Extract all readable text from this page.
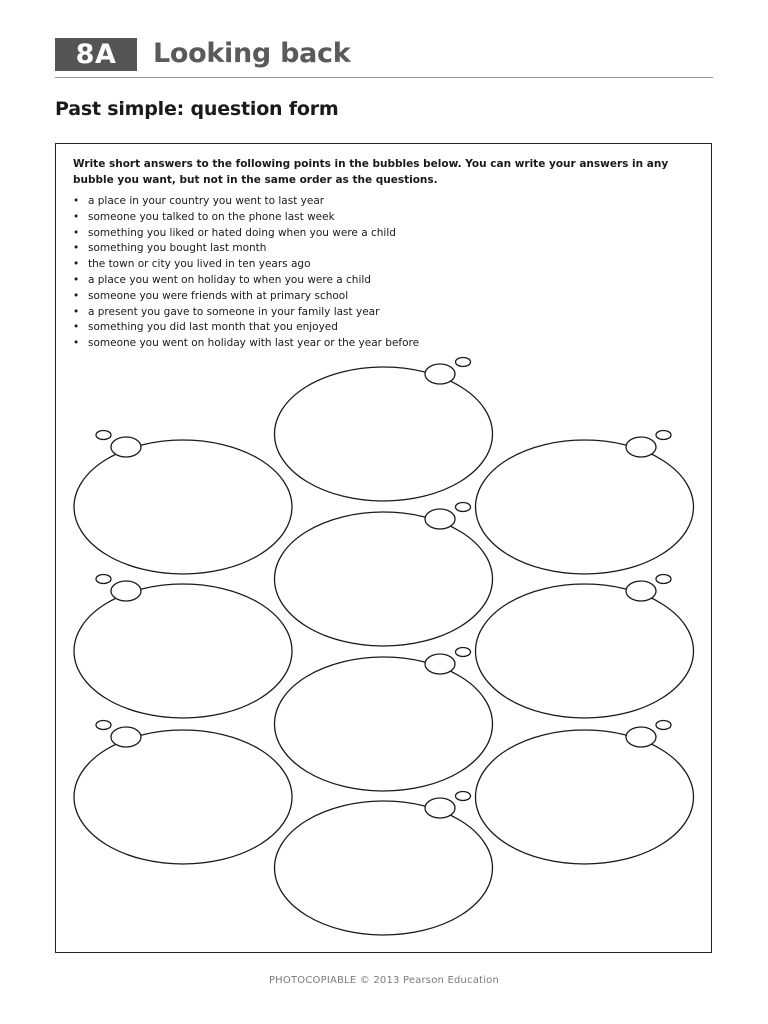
8A	Looking back
Past simple: question form
Write short answers to the following points in the bubbles below. You can write your answers in any bubble you want, but not in the same order as the questions.
• a place in your country you went to last year
• someone you talked to on the phone last week
• something you liked or hated doing when you were a child
• something you bought last month
• the town or city you lived in ten years ago
• a place you went on holiday to when you were a child
• someone you were friends with at primary school
• a present you gave to someone in your family last year
• something you did last month that you enjoyed
• someone you went on holiday with last year or the year before
PHOTOCOPIABLE © 2013 Pearson Education
